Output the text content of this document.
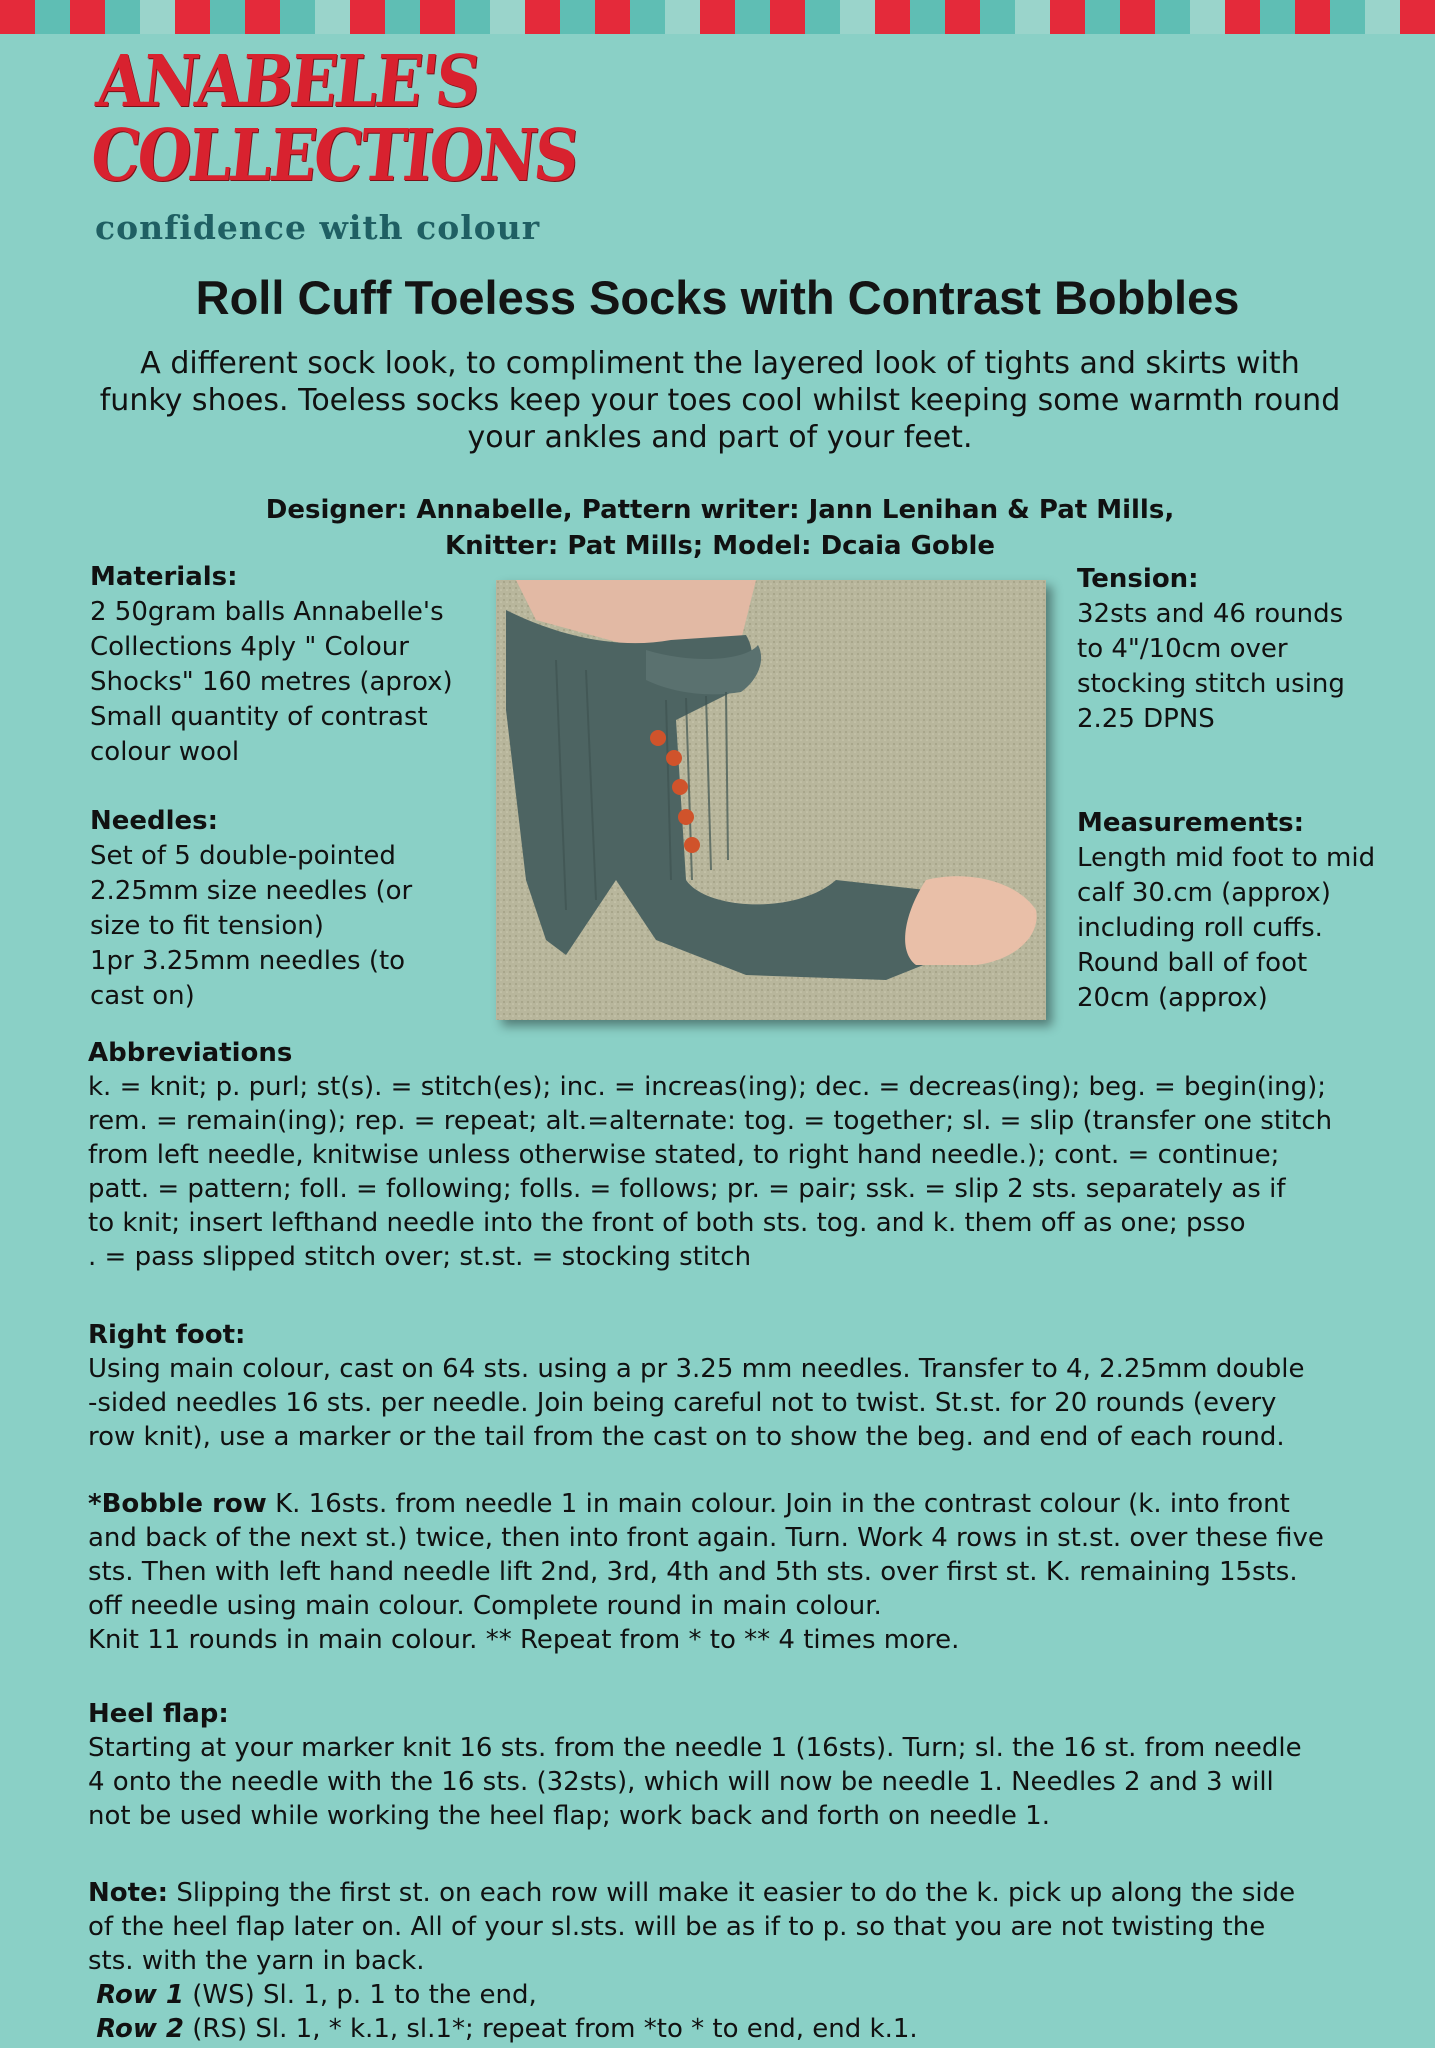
ANABELE'S
COLLECTIONS
confidence with colour
Roll Cuff Toeless Socks with Contrast Bobbles
A different sock look, to compliment the layered look of tights and skirts with funky shoes. Toeless socks keep your toes cool whilst keeping some warmth round your ankles and part of your feet.
Designer: Annabelle, Pattern writer: Jann Lenihan & Pat Mills,
Knitter: Pat Mills; Model: Dcaia Goble
Materials:

2 50gram balls Annabelle's
Collections 4ply " Colour
Shocks" 160 metres (aprox)
Small quantity of contrast
colour wool

Needles:

Set of 5 double-pointed
2.25mm size needles (or
size to fit tension)
1pr 3.25mm needles (to
cast on)

Tension:

32sts and 46 rounds
to 4"/10cm over
stocking stitch using
2.25 DPNS

Measurements:

Length mid foot to mid
calf 30.cm (approx)
including roll cuffs.
Round ball of foot
20cm (approx)

Abbreviations

k. = knit; p. purl; st(s). = stitch(es); inc. = increas(ing); dec. = decreas(ing); beg. = begin(ing);
rem. = remain(ing); rep. = repeat; alt.=alternate: tog. = together; sl. = slip (transfer one stitch
from left needle, knitwise unless otherwise stated, to right hand needle.); cont. = continue;
patt. = pattern; foll. = following; folls. = follows; pr. = pair; ssk. = slip 2 sts. separately as if
to knit; insert lefthand needle into the front of both sts. tog. and k. them off as one; psso
. = pass slipped stitch over; st.st. = stocking stitch

Right foot:

Using main colour, cast on 64 sts. using a pr 3.25 mm needles. Transfer to 4, 2.25mm double
-sided needles 16 sts. per needle. Join being careful not to twist. St.st. for 20 rounds (every
row knit), use a marker or the tail from the cast on to show the beg. and end of each round.

*Bobble row K. 16sts. from needle 1 in main colour. Join in the contrast colour (k. into front
and back of the next st.) twice, then into front again. Turn. Work 4 rows in st.st. over these five
sts. Then with left hand needle lift 2nd, 3rd, 4th and 5th sts. over first st. K. remaining 15sts.
off needle using main colour. Complete round in main colour.
Knit 11 rounds in main colour. ** Repeat from * to ** 4 times more.

Heel flap:

Starting at your marker knit 16 sts. from the needle 1 (16sts). Turn; sl. the 16 st. from needle
4 onto the needle with the 16 sts. (32sts), which will now be needle 1. Needles 2 and 3 will
not be used while working the heel flap; work back and forth on needle 1.

Note: Slipping the first st. on each row will make it easier to do the k. pick up along the side
of the heel flap later on. All of your sl.sts. will be as if to p. so that you are not twisting the
sts. with the yarn in back.
Row 1 (WS) Sl. 1, p. 1 to the end,
Row 2 (RS) Sl. 1, * k.1, sl.1*; repeat from *to * to end, end k.1.
